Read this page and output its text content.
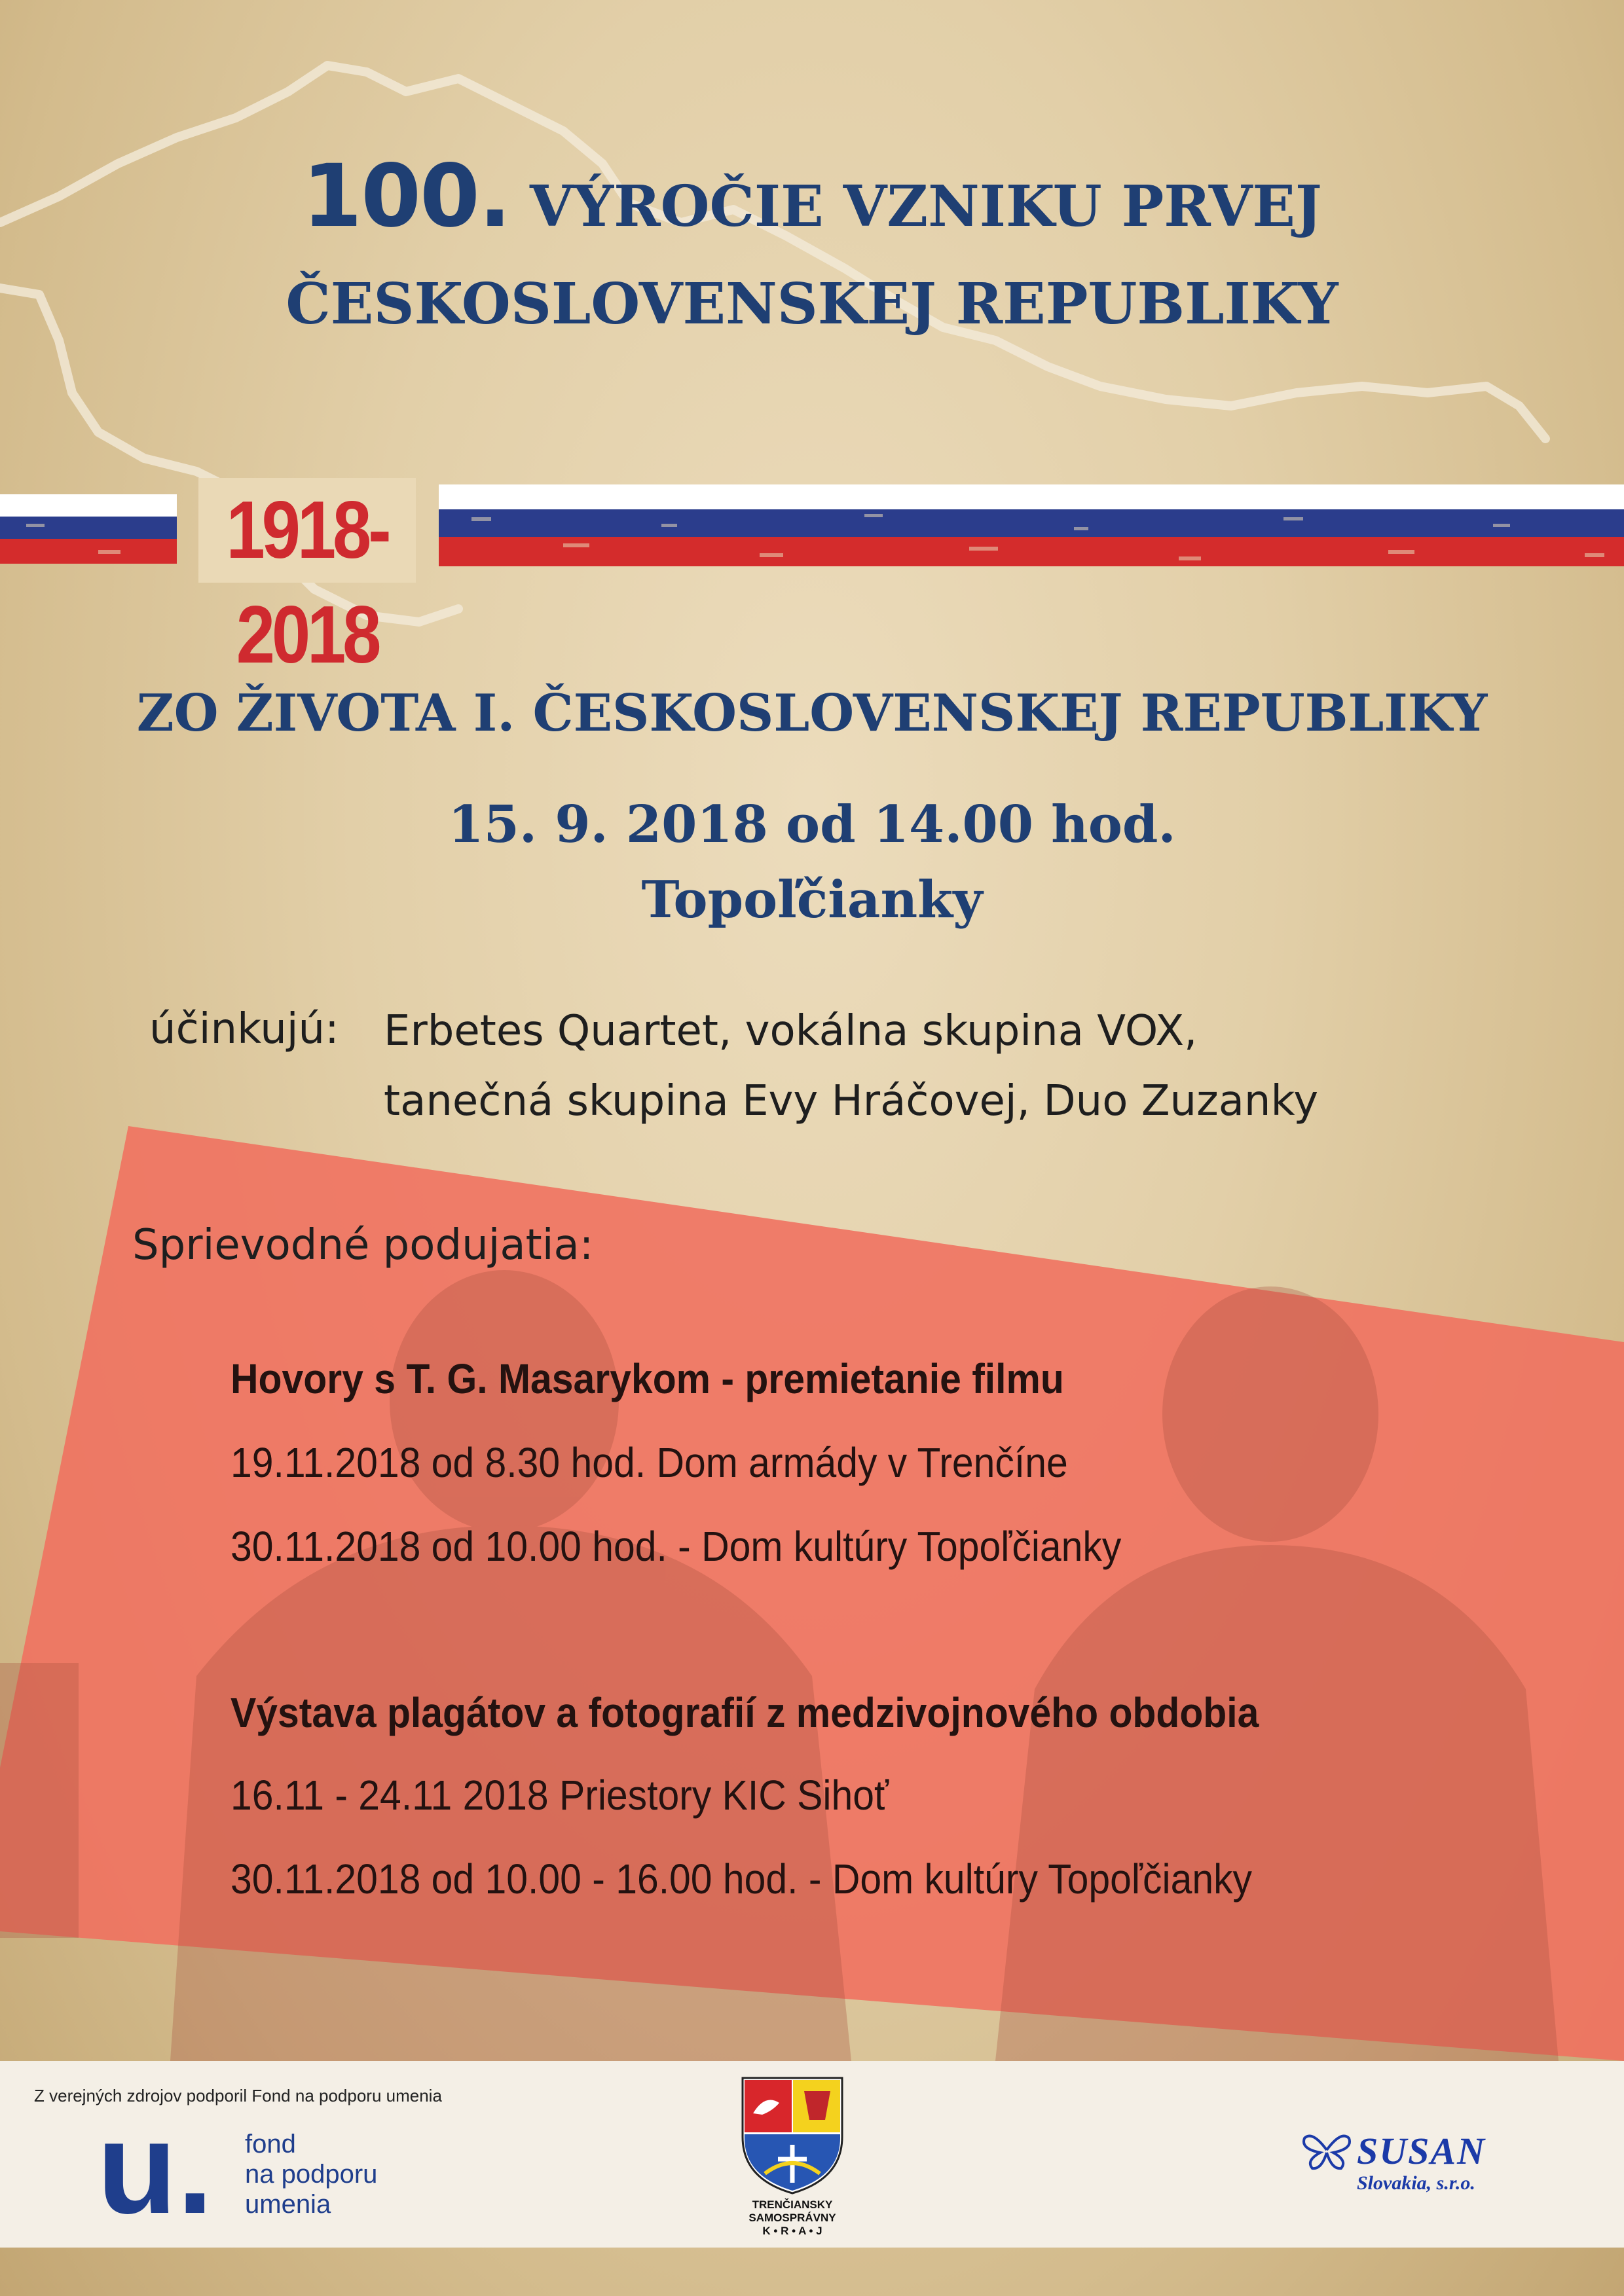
100. VÝROČIE VZNIKU PRVEJ
ČESKOSLOVENSKEJ REPUBLIKY
1918-2018
ZO ŽIVOTA I. ČESKOSLOVENSKEJ REPUBLIKY
15. 9. 2018 od 14.00 hod.
Topoľčianky
účinkujú: Erbetes Quartet, vokálna skupina VOX,
tanečná skupina Evy Hráčovej, Duo Zuzanky
Sprievodné podujatia:
Hovory s T. G. Masarykom - premietanie filmu
19.11.2018 od 8.30 hod. Dom armády v Trenčíne
30.11.2018 od 10.00 hod. - Dom kultúry Topoľčianky
Výstava plagátov a fotografií z medzivojnového obdobia
16.11 - 24.11 2018 Priestory KIC Sihoť
30.11.2018 od 10.00 - 16.00 hod. - Dom kultúry Topoľčianky
Z verejných zdrojov podporil Fond na podporu umenia
u. fond
na podporu
umenia	TRENČIANSKY
SAMOSPRÁVNY
K • R • A • J
SUSAN
Slovakia, s.r.o.
